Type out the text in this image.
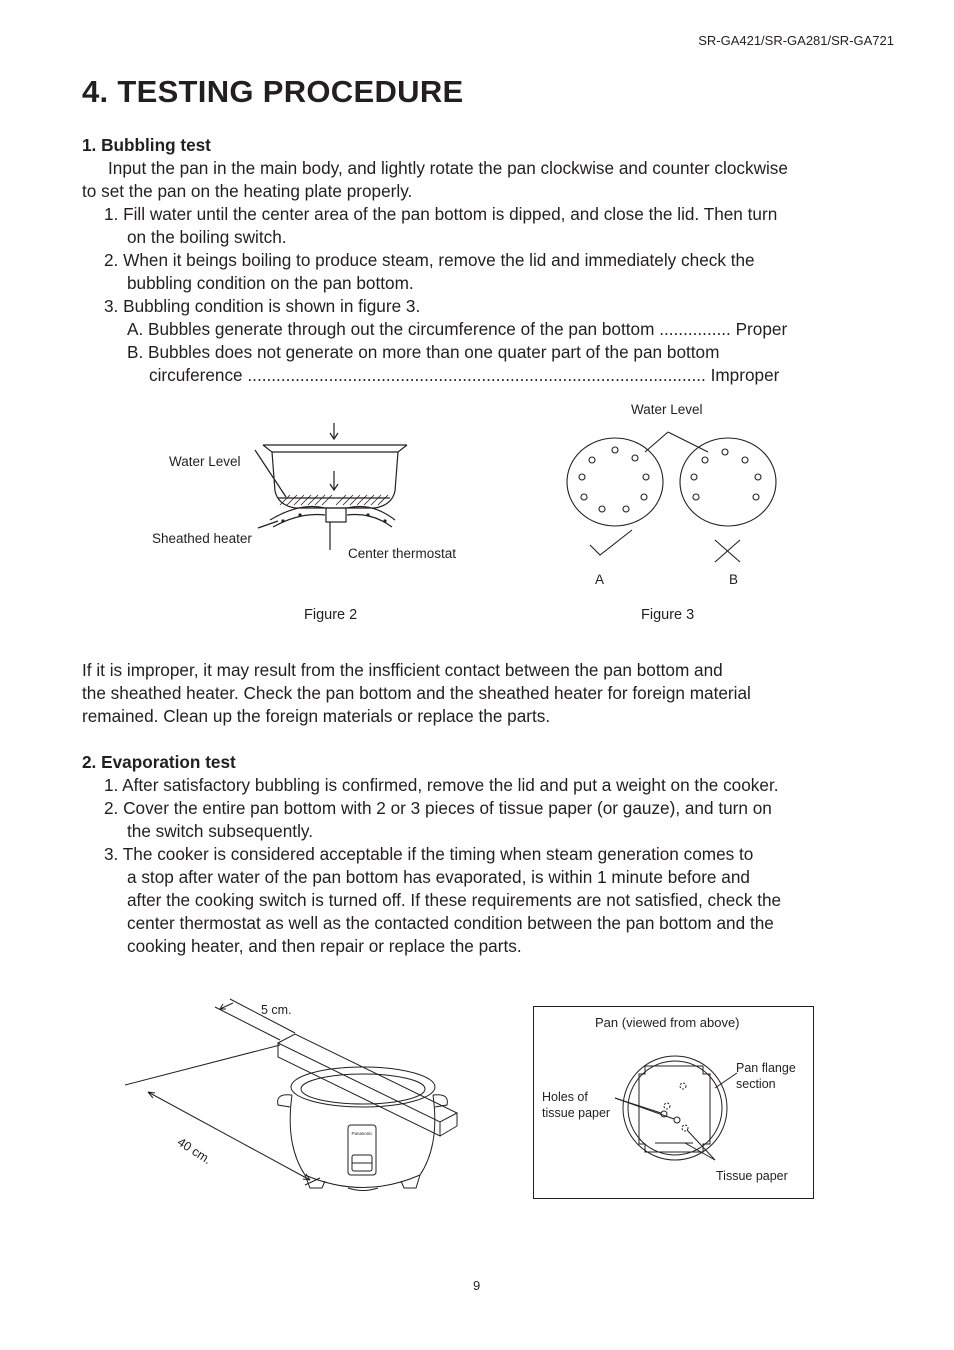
SR-GA421/SR-GA281/SR-GA721
4. TESTING PROCEDURE
1. Bubbling test
Input the pan in the main body, and lightly rotate the pan clockwise and counter clockwise
to set the pan on the heating plate properly.
1. Fill water until the center area of the pan bottom is dipped, and close the lid. Then turn
on the boiling switch.
2. When it beings boiling to produce steam, remove the lid and immediately check the
bubbling condition on the pan bottom.
3. Bubbling condition is shown in figure 3.
A. Bubbles generate through out the circumference of the pan bottom ............... Proper
B. Bubbles does not generate on more than one quater part of the pan bottom
circuference ................................................................................................ Improper
Water Level
Sheathed heater
Center thermostat
Figure 2
Water Level
A	B
Figure 3
If it is improper, it may result from the insfficient contact between the pan bottom and
the sheathed heater. Check the pan bottom and the sheathed heater for foreign material
remained. Clean up the foreign materials or replace the parts.
2. Evaporation test
1. After satisfactory bubbling is confirmed, remove the lid and put a weight on the cooker.
2. Cover the entire pan bottom with 2 or 3 pieces of tissue paper (or gauze), and turn on
the switch subsequently.
3. The cooker is considered acceptable if the timing when steam generation comes to
a stop after water of the pan bottom has evaporated, is within 1 minute before and
after the cooking switch is turned off. If these requirements are not satisfied, check the
center thermostat as well as the contacted condition between the pan bottom and the
cooking heater, and then repair or replace the parts.
Panasonic
5 cm.
40 cm.
Pan (viewed from above)
Pan flange
section
Holes of
tissue paper
Tissue paper
9
